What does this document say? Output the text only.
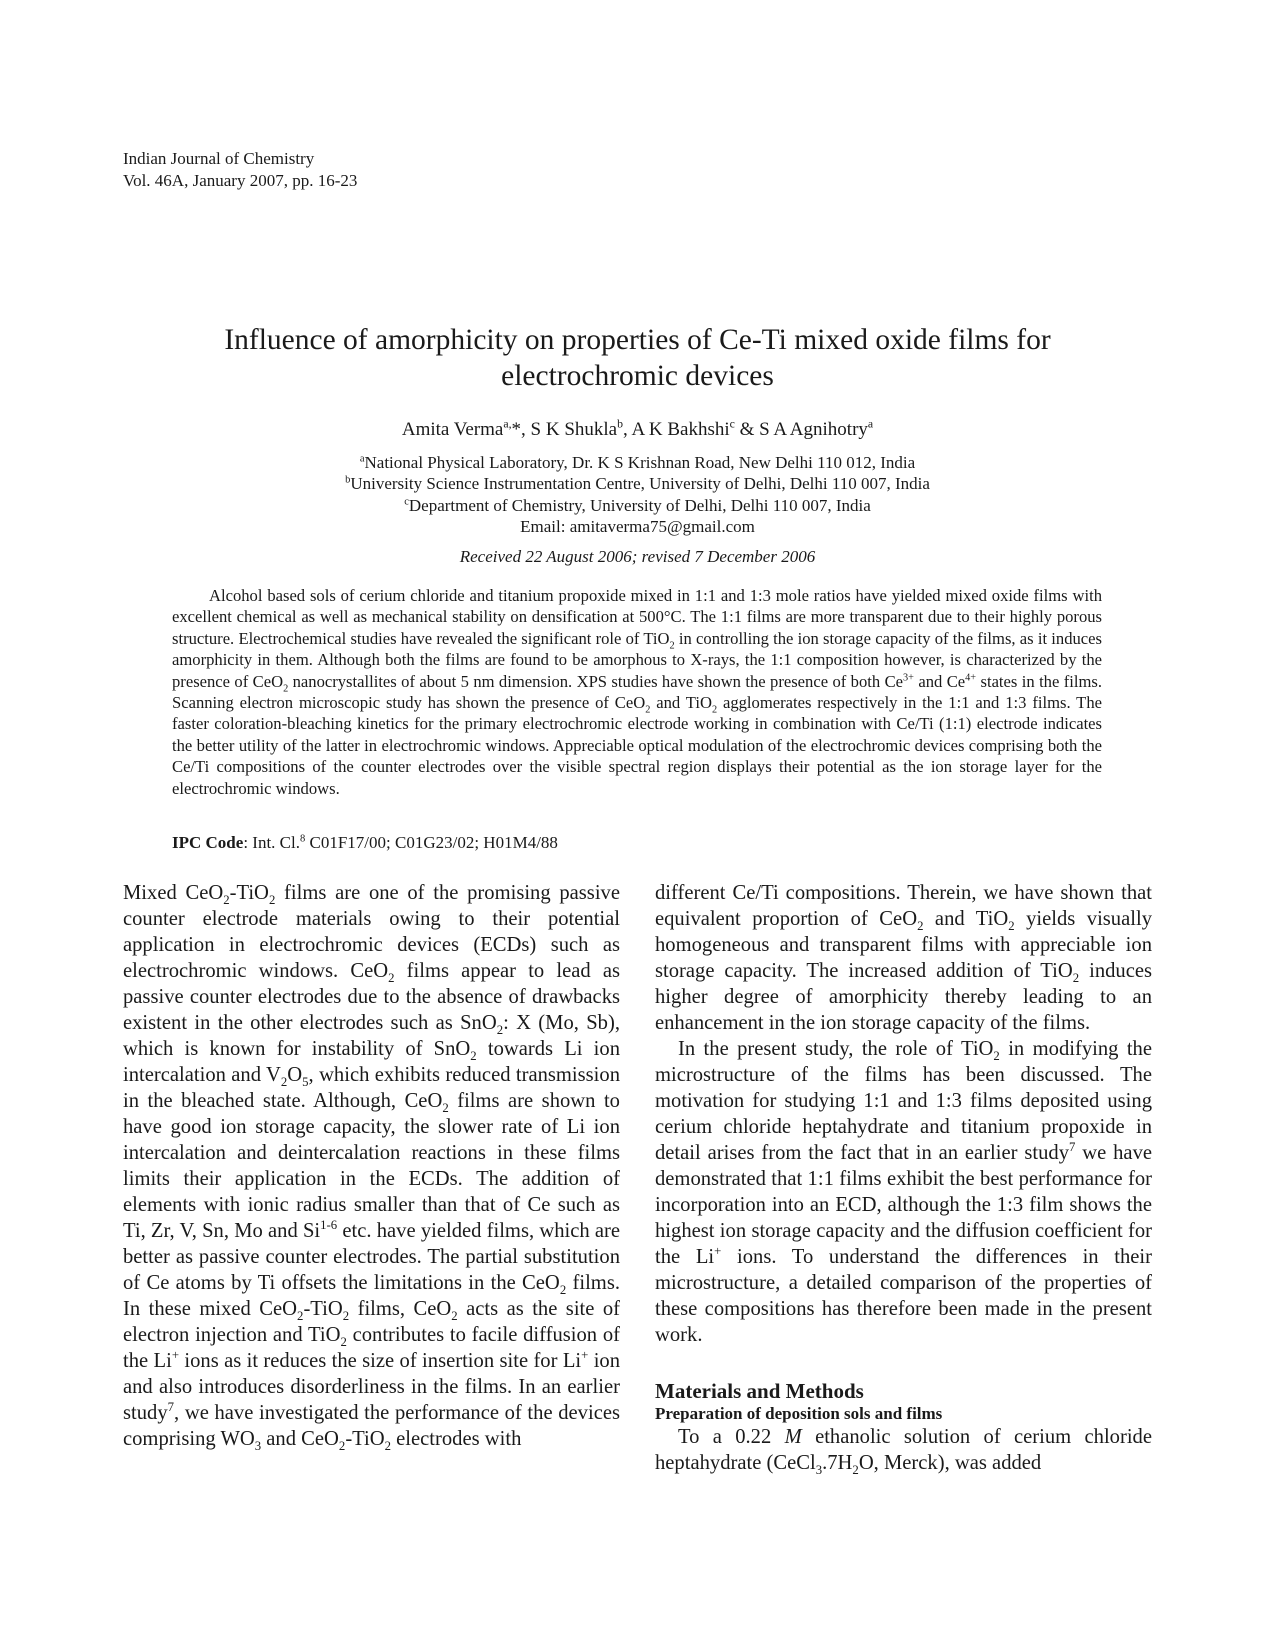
Indian Journal of Chemistry
Vol. 46A, January 2007, pp. 16-23
Influence of amorphicity on properties of Ce-Ti mixed oxide films for
electrochromic devices
Amita Verma$^{a,}$*, S K Shukla$^b$, A K Bakhshi$^c$ & S A Agnihotry$^a$
$^a$National Physical Laboratory, Dr. K S Krishnan Road, New Delhi 110 012, India
$^b$University Science Instrumentation Centre, University of Delhi, Delhi 110 007, India
$^c$Department of Chemistry, University of Delhi, Delhi 110 007, India
Email: amitaverma75@gmail.com
Received 22 August 2006; revised 7 December 2006

Alcohol based sols of cerium chloride and titanium propoxide mixed in 1:1 and 1:3 mole ratios have yielded mixed oxide films with excellent chemical as well as mechanical stability on densification at 500°C. The 1:1 films are more transparent due to their highly porous structure. Electrochemical studies have revealed the significant role of TiO$_2$ in controlling the ion storage capacity of the films, as it induces amorphicity in them. Although both the films are found to be amorphous to X-rays, the 1:1 composition however, is characterized by the presence of CeO$_2$ nanocrystallites of about 5 nm dimension. XPS studies have shown the presence of both $Ce^{3+}$ and $Ce^{4+}$ states in the films. Scanning electron microscopic study has shown the presence of CeO$_2$ and TiO$_2$ agglomerates respectively in the 1:1 and 1:3 films. The faster coloration-bleaching kinetics for the primary electrochromic electrode working in combination with Ce/Ti (1:1) electrode indicates the better utility of the latter in electrochromic windows. Appreciable optical modulation of the electrochromic devices comprising both the Ce/Ti compositions of the counter electrodes over the visible spectral region displays their potential as the ion storage layer for the electrochromic windows.

IPC Code: Int. Cl.$^8$ C01F17/00; C01G23/02; H01M4/88

Mixed CeO$_2$-TiO$_2$ films are one of the promising passive counter electrode materials owing to their potential application in electrochromic devices (ECDs) such as electrochromic windows. CeO$_2$ films appear to lead as passive counter electrodes due to the absence of drawbacks existent in the other electrodes such as SnO$_2$: X (Mo, Sb), which is known for instability of SnO$_2$ towards Li ion intercalation and $V_2O_5$, which exhibits reduced transmission in the bleached state. Although, CeO$_2$ films are shown to have good ion storage capacity, the slower rate of Li ion intercalation and deintercalation reactions in these films limits their application in the ECDs. The addition of elements with ionic radius smaller than that of Ce such as Ti, Zr, V, Sn, Mo and Si$^{1-6}$ etc. have yielded films, which are better as passive counter electrodes. The partial substitution of Ce atoms by Ti offsets the limitations in the CeO$_2$ films. In these mixed CeO$_2$-TiO$_2$ films, CeO$_2$ acts as the site of electron injection and TiO$_2$ contributes to facile diffusion of the Li+ ions as it reduces the size of insertion site for Li+ ion and also introduces disorderliness in the films. In an earlier study$^7$, we have investigated the performance of the devices comprising $WO_3$ and CeO$_2$-TiO$_2$ electrodes with

different Ce/Ti compositions. Therein, we have shown that equivalent proportion of CeO$_2$ and TiO$_2$ yields visually homogeneous and transparent films with appreciable ion storage capacity. The increased addition of TiO$_2$ induces higher degree of amorphicity thereby leading to an enhancement in the ion storage capacity of the films.

In the present study, the role of TiO$_2$ in modifying the microstructure of the films has been discussed. The motivation for studying 1:1 and 1:3 films deposited using cerium chloride heptahydrate and titanium propoxide in detail arises from the fact that in an earlier study$^7$ we have demonstrated that 1:1 films exhibit the best performance for incorporation into an ECD, although the 1:3 film shows the highest ion storage capacity and the diffusion coefficient for the Li+ ions. To understand the differences in their microstructure, a detailed comparison of the properties of these compositions has therefore been made in the present work.

Materials and Methods

Preparation of deposition sols and films

To a 0.22 M ethanolic solution of cerium chloride heptahydrate ($CeCl_3.7H_2O$, Merck), was added
